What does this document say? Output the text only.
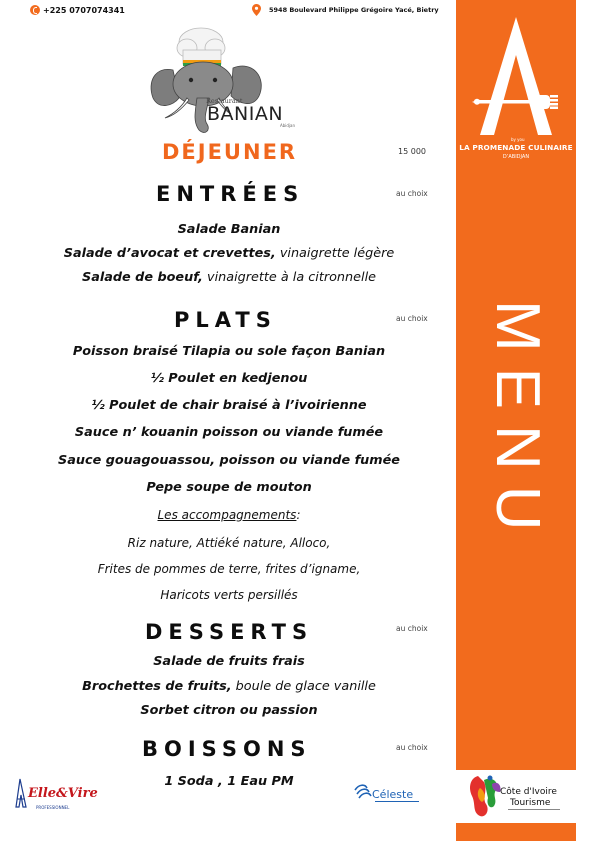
+225 0707074341	5948 Boulevard Philippe Grégoire Yacé, Bietry
Restaurant
BANIAN
Abidjan
DÉJEUNER	15 000
ENTRÉES	au choix
Salade Banian
Salade d’avocat et crevettes, vinaigrette légère
Salade de boeuf, vinaigrette à la citronnelle
PLATS	au choix
Poisson braisé Tilapia ou sole façon Banian
½ Poulet en kedjenou
½ Poulet de chair braisé à l’ivoirienne
Sauce n’ kouanin poisson ou viande fumée
Sauce gouagouassou, poisson ou viande fumée
Pepe soupe de mouton
Les accompagnements:
Riz nature, Attiéké nature, Alloco,
Frites de pommes de terre, frites d’igname,
Haricots verts persillés
DESSERTS	au choix
Salade de fruits frais
Brochettes de fruits, boule de glace vanille
Sorbet citron ou passion
BOISSONS	au choix
1 Soda , 1 Eau PM
by you
LA PROMENADE CULINAIRE
D’ABIDJAN
MENU
Elle&Vire
PROFESSIONNEL
Céleste	Côte d'Ivoire
Tourisme
